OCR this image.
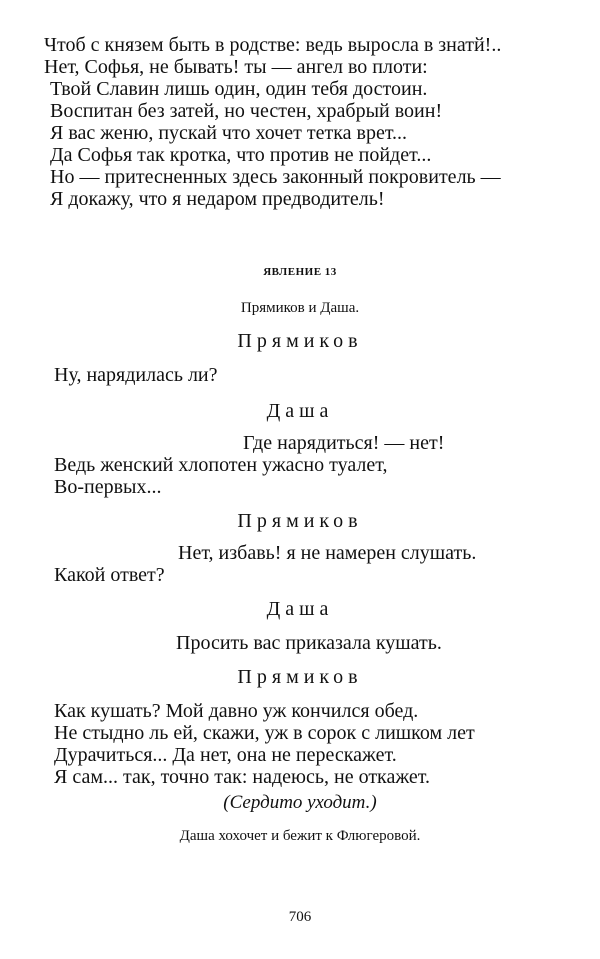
Чтоб с князем быть в родстве: ведь выросла в знатй!..
Нет, Софья, не бывать! ты — ангел во плоти:
Твой Славин лишь один, один тебя достоин.
Воспитан без затей, но честен, храбрый воин!
Я вас женю, пускай что хочет тетка врет...
Да Софья так кротка, что против не пойдет...
Но — притесненных здесь законный покровитель —
Я докажу, что я недаром предводитель!
ЯВЛЕНИЕ 13
Прямиков и Даша.
Прямиков
Ну, нарядилась ли?
Даша
Где нарядиться! — нет!
Ведь женский хлопотен ужасно туалет,
Во-первых...
Прямиков
Нет, избавь! я не намерен слушать.
Какой ответ?
Даша
Просить вас приказала кушать.
Прямиков
Как кушать? Мой давно уж кончился обед.
Не стыдно ль ей, скажи, уж в сорок с лишком лет
Дурачиться... Да нет, она не перескажет.
Я сам... так, точно так: надеюсь, не откажет.
(Сердито уходит.)
Даша хохочет и бежит к Флюгеровой.
706
